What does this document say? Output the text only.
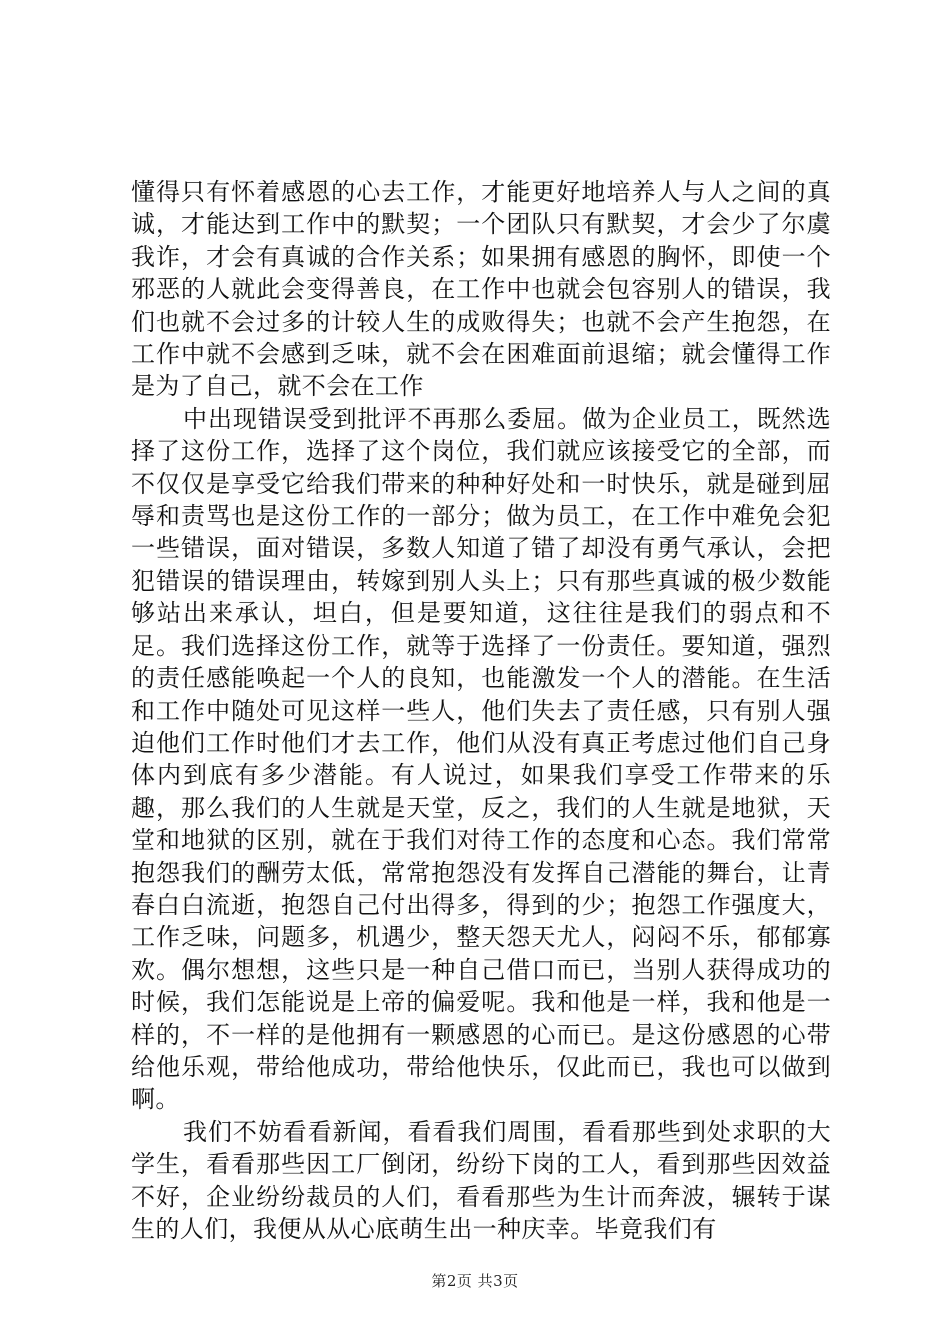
懂得只有怀着感恩的心去工作，才能更好地培养人与人之间的真诚，才能达到工作中的默契；一个团队只有默契，才会少了尔虞我诈，才会有真诚的合作关系；如果拥有感恩的胸怀，即使一个邪恶的人就此会变得善良，在工作中也就会包容别人的错误，我们也就不会过多的计较人生的成败得失；也就不会产生抱怨，在工作中就不会感到乏味，就不会在困难面前退缩；就会懂得工作是为了自己，就不会在工作

中出现错误受到批评不再那么委屈。做为企业员工，既然选择了这份工作，选择了这个岗位，我们就应该接受它的全部，而不仅仅是享受它给我们带来的种种好处和一时快乐，就是碰到屈辱和责骂也是这份工作的一部分；做为员工，在工作中难免会犯一些错误，面对错误，多数人知道了错了却没有勇气承认，会把犯错误的错误理由，转嫁到别人头上；只有那些真诚的极少数能够站出来承认，坦白，但是要知道，这往往是我们的弱点和不足。我们选择这份工作，就等于选择了一份责任。要知道，强烈的责任感能唤起一个人的良知，也能激发一个人的潜能。在生活和工作中随处可见这样一些人，他们失去了责任感，只有别人强迫他们工作时他们才去工作，他们从没有真正考虑过他们自己身体内到底有多少潜能。有人说过，如果我们享受工作带来的乐趣，那么我们的人生就是天堂，反之，我们的人生就是地狱，天堂和地狱的区别，就在于我们对待工作的态度和心态。我们常常抱怨我们的酬劳太低，常常抱怨没有发挥自己潜能的舞台，让青春白白流逝，抱怨自己付出得多，得到的少；抱怨工作强度大，工作乏味，问题多，机遇少，整天怨天尤人，闷闷不乐，郁郁寡欢。偶尔想想，这些只是一种自己借口而已，当别人获得成功的时候，我们怎能说是上帝的偏爱呢。我和他是一样，我和他是一样的，不一样的是他拥有一颗感恩的心而已。是这份感恩的心带给他乐观，带给他成功，带给他快乐，仅此而已，我也可以做到啊。

我们不妨看看新闻，看看我们周围，看看那些到处求职的大学生，看看那些因工厂倒闭，纷纷下岗的工人，看到那些因效益不好，企业纷纷裁员的人们，看看那些为生计而奔波，辗转于谋生的人们，我便从从心底萌生出一种庆幸。毕竟我们有

第2页 共3页
